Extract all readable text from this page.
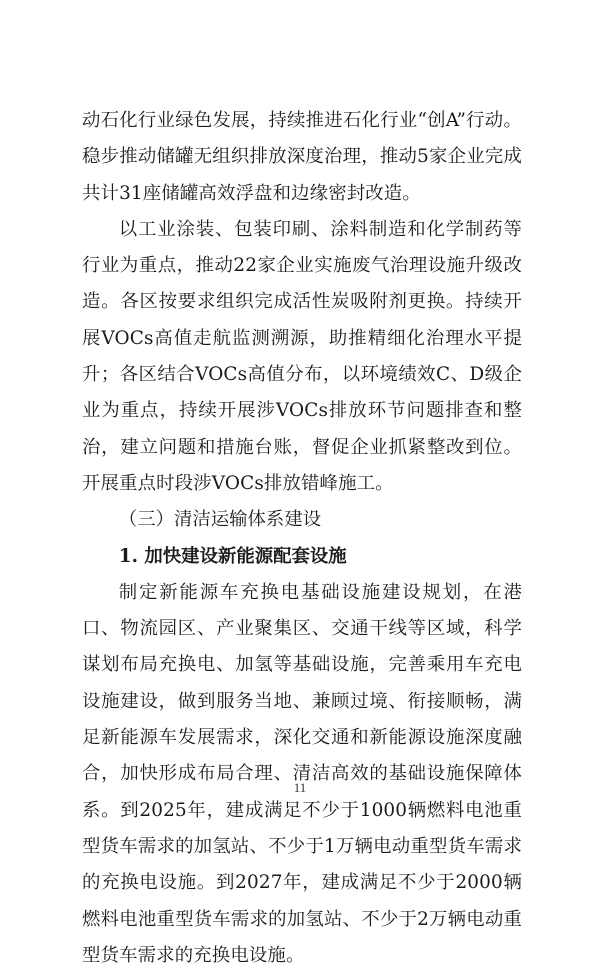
动石化行业绿色发展，持续推进石化行业“创A”行动。稳步推动储罐无组织排放深度治理，推动5家企业完成共计31座储罐高效浮盘和边缘密封改造。

以工业涂装、包装印刷、涂料制造和化学制药等行业为重点，推动22家企业实施废气治理设施升级改造。各区按要求组织完成活性炭吸附剂更换。持续开展VOCs高值走航监测溯源，助推精细化治理水平提升；各区结合VOCs高值分布，以环境绩效C、D级企业为重点，持续开展涉VOCs排放环节问题排查和整治，建立问题和措施台账，督促企业抓紧整改到位。开展重点时段涉VOCs排放错峰施工。

（三）清洁运输体系建设

1. 加快建设新能源配套设施

制定新能源车充换电基础设施建设规划，在港口、物流园区、产业聚集区、交通干线等区域，科学谋划布局充换电、加氢等基础设施，完善乘用车充电设施建设，做到服务当地、兼顾过境、衔接顺畅，满足新能源车发展需求，深化交通和新能源设施深度融合，加快形成布局合理、清洁高效的基础设施保障体系。到2025年，建成满足不少于1000辆燃料电池重型货车需求的加氢站、不少于1万辆电动重型货车需求的充换电设施。到2027年，建成满足不少于2000辆燃料电池重型货车需求的加氢站、不少于2万辆电动重型货车需求的充换电设施。

11
